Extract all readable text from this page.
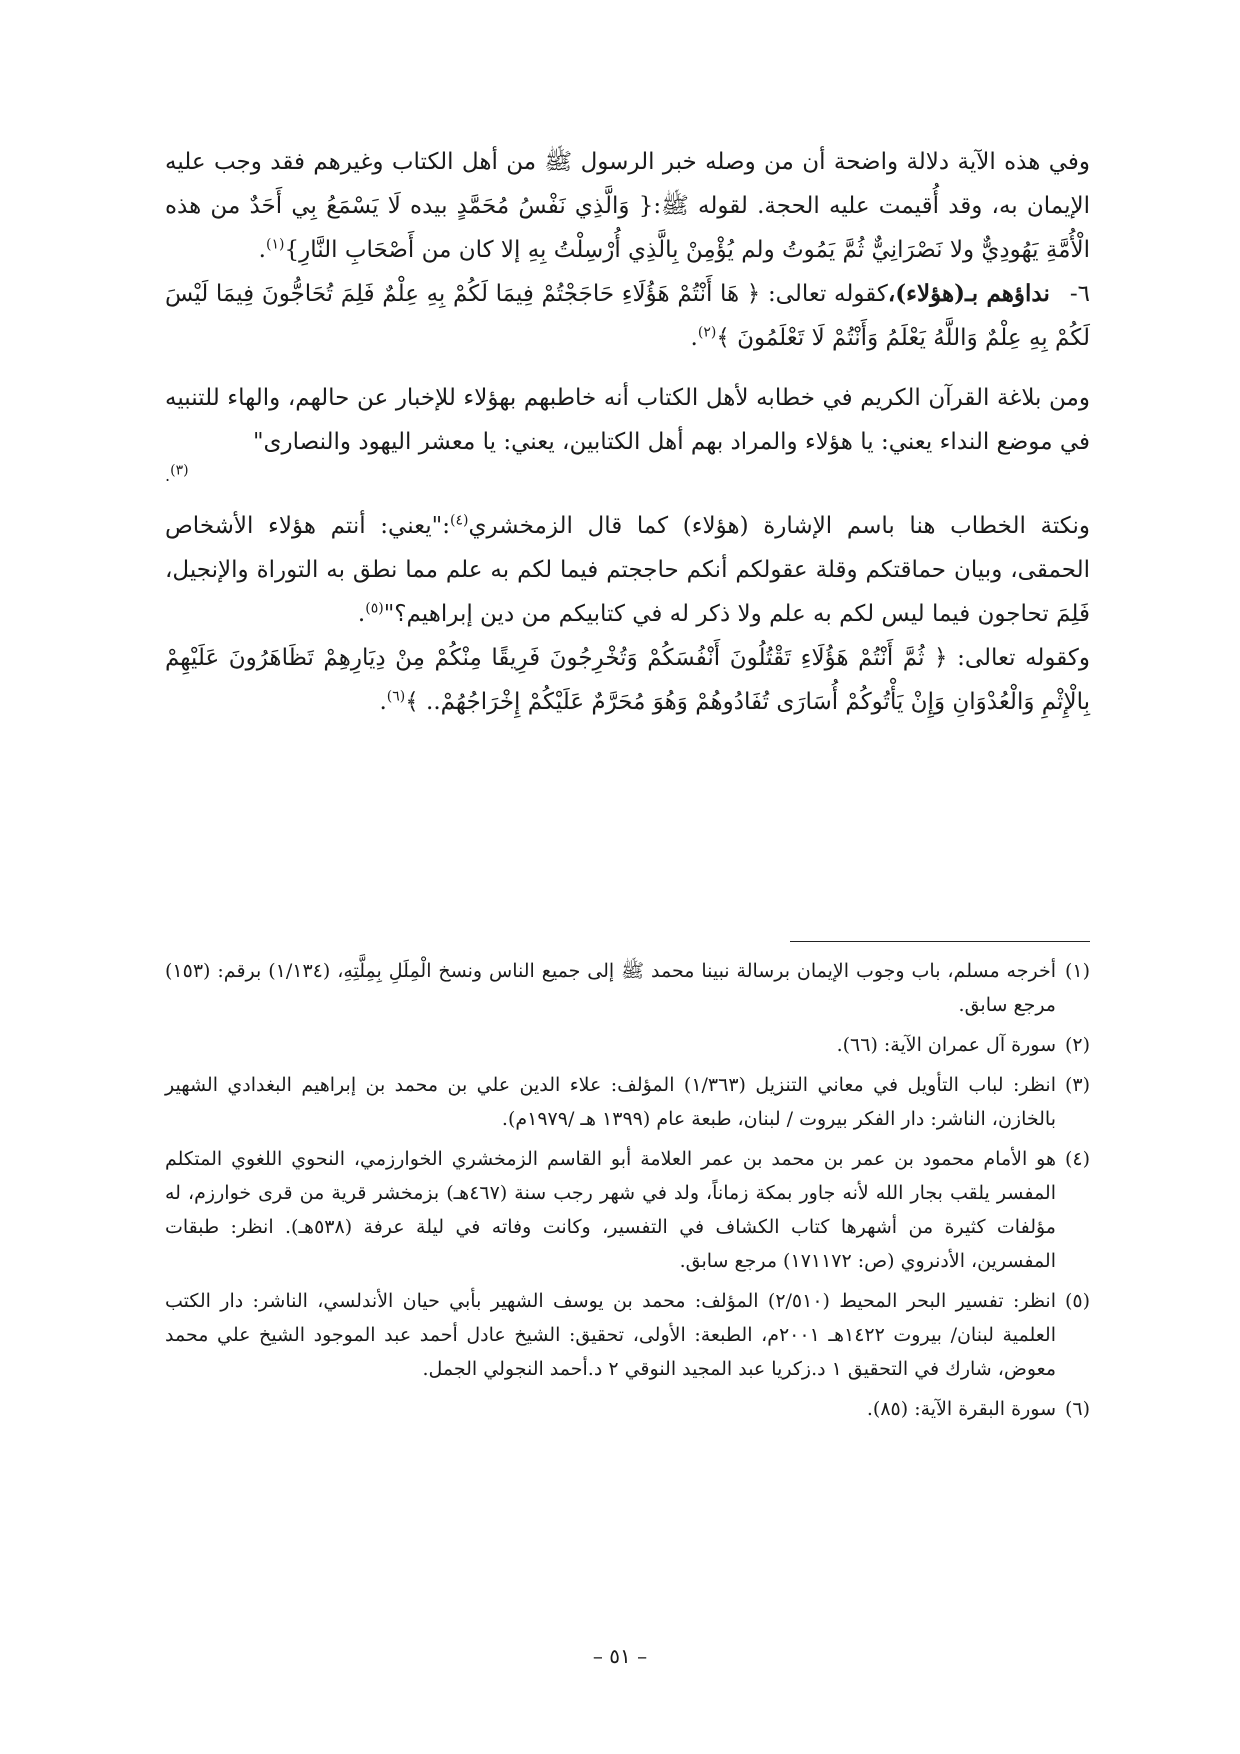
وفي هذه الآية دلالة واضحة أن من وصله خبر الرسول ﷺ من أهل الكتاب وغيرهم فقد وجب عليه الإيمان به، وقد أُقيمت عليه الحجة. لقوله ﷺ:{ وَالَّذِي نَفْسُ مُحَمَّدٍ بيده لَا يَسْمَعُ بِي أَحَدٌ من هذه الْأُمَّةِ يَهُودِيٌّ ولا نَصْرَانِيٌّ ثُمَّ يَمُوتُ ولم يُؤْمِنْ بِالَّذِي أُرْسِلْتُ بِهِ إلا كان من أَصْحَابِ النَّارِ}$^{(١)}$.

٦-نداؤهم بـ(هؤلاء)،كقوله تعالى: ﴿ هَا أَنْتُمْ هَؤُلَاءِ حَاجَجْتُمْ فِيمَا لَكُمْ بِهِ عِلْمٌ فَلِمَ تُحَاجُّونَ فِيمَا لَيْسَ لَكُمْ بِهِ عِلْمٌ وَاللَّهُ يَعْلَمُ وَأَنْتُمْ لَا تَعْلَمُونَ ﴾$^{(٢)}$.

ومن بلاغة القرآن الكريم في خطابه لأهل الكتاب أنه خاطبهم بهؤلاء للإخبار عن حالهم، والهاء للتنبيه في موضع النداء يعني: يا هؤلاء والمراد بهم أهل الكتابين، يعني: يا معشر اليهود والنصارى"

$^{(٣)}$.

ونكتة الخطاب هنا باسم الإشارة (هؤلاء) كما قال الزمخشري$^{(٤)}$:"يعني: أنتم هؤلاء الأشخاص الحمقى، وبيان حماقتكم وقلة عقولكم أنكم حاججتم فيما لكم به علم مما نطق به التوراة والإنجيل، فَلِمَ تحاجون فيما ليس لكم به علم ولا ذكر له في كتابيكم من دين إبراهيم؟"$^{(٥)}$.

وكقوله تعالى: ﴿ ثُمَّ أَنْتُمْ هَؤُلَاءِ تَقْتُلُونَ أَنْفُسَكُمْ وَتُخْرِجُونَ فَرِيقًا مِنْكُمْ مِنْ دِيَارِهِمْ تَظَاهَرُونَ عَلَيْهِمْ بِالْإِثْمِ وَالْعُدْوَانِ وَإِنْ يَأْتُوكُمْ أُسَارَى تُفَادُوهُمْ وَهُوَ مُحَرَّمٌ عَلَيْكُمْ إِخْرَاجُهُمْ.. ﴾$^{(٦)}$.

(١)
أخرجه مسلم، باب وجوب الإيمان برسالة نبينا محمد ﷺ إلى جميع الناس ونسخ الْمِلَلِ بِمِلَّتِهِ، (١/١٣٤) برقم: (١٥٣) مرجع سابق.
(٢)
سورة آل عمران الآية: (٦٦).
(٣)
انظر: لباب التأويل في معاني التنزيل (١/٣٦٣) المؤلف: علاء الدين علي بن محمد بن إبراهيم البغدادي الشهير بالخازن، الناشر: دار الفكر بيروت / لبنان، طبعة عام (١٣٩٩ هـ /١٩٧٩م).
(٤)
هو الأمام محمود بن عمر بن محمد بن عمر العلامة أبو القاسم الزمخشري الخوارزمي، النحوي اللغوي المتكلم المفسر يلقب بجار الله لأنه جاور بمكة زماناً، ولد في شهر رجب سنة (٤٦٧هـ) بزمخشر قرية من قرى خوارزم، له مؤلفات كثيرة من أشهرها كتاب الكشاف في التفسير، وكانت وفاته في ليلة عرفة (٥٣٨هـ). انظر: طبقات المفسرين، الأدنروي (ص: ١٧١١٧٢) مرجع سابق.
(٥)
انظر: تفسير البحر المحيط (٢/٥١٠) المؤلف: محمد بن يوسف الشهير بأبي حيان الأندلسي، الناشر: دار الكتب العلمية لبنان/ بيروت ١٤٢٢هـ ٢٠٠١م، الطبعة: الأولى، تحقيق: الشيخ عادل أحمد عبد الموجود الشيخ علي محمد معوض، شارك في التحقيق ١ د.زكريا عبد المجيد النوقي ٢ د.أحمد النجولي الجمل.
(٦)
سورة البقرة الآية: (٨٥).
– ٥١ –
